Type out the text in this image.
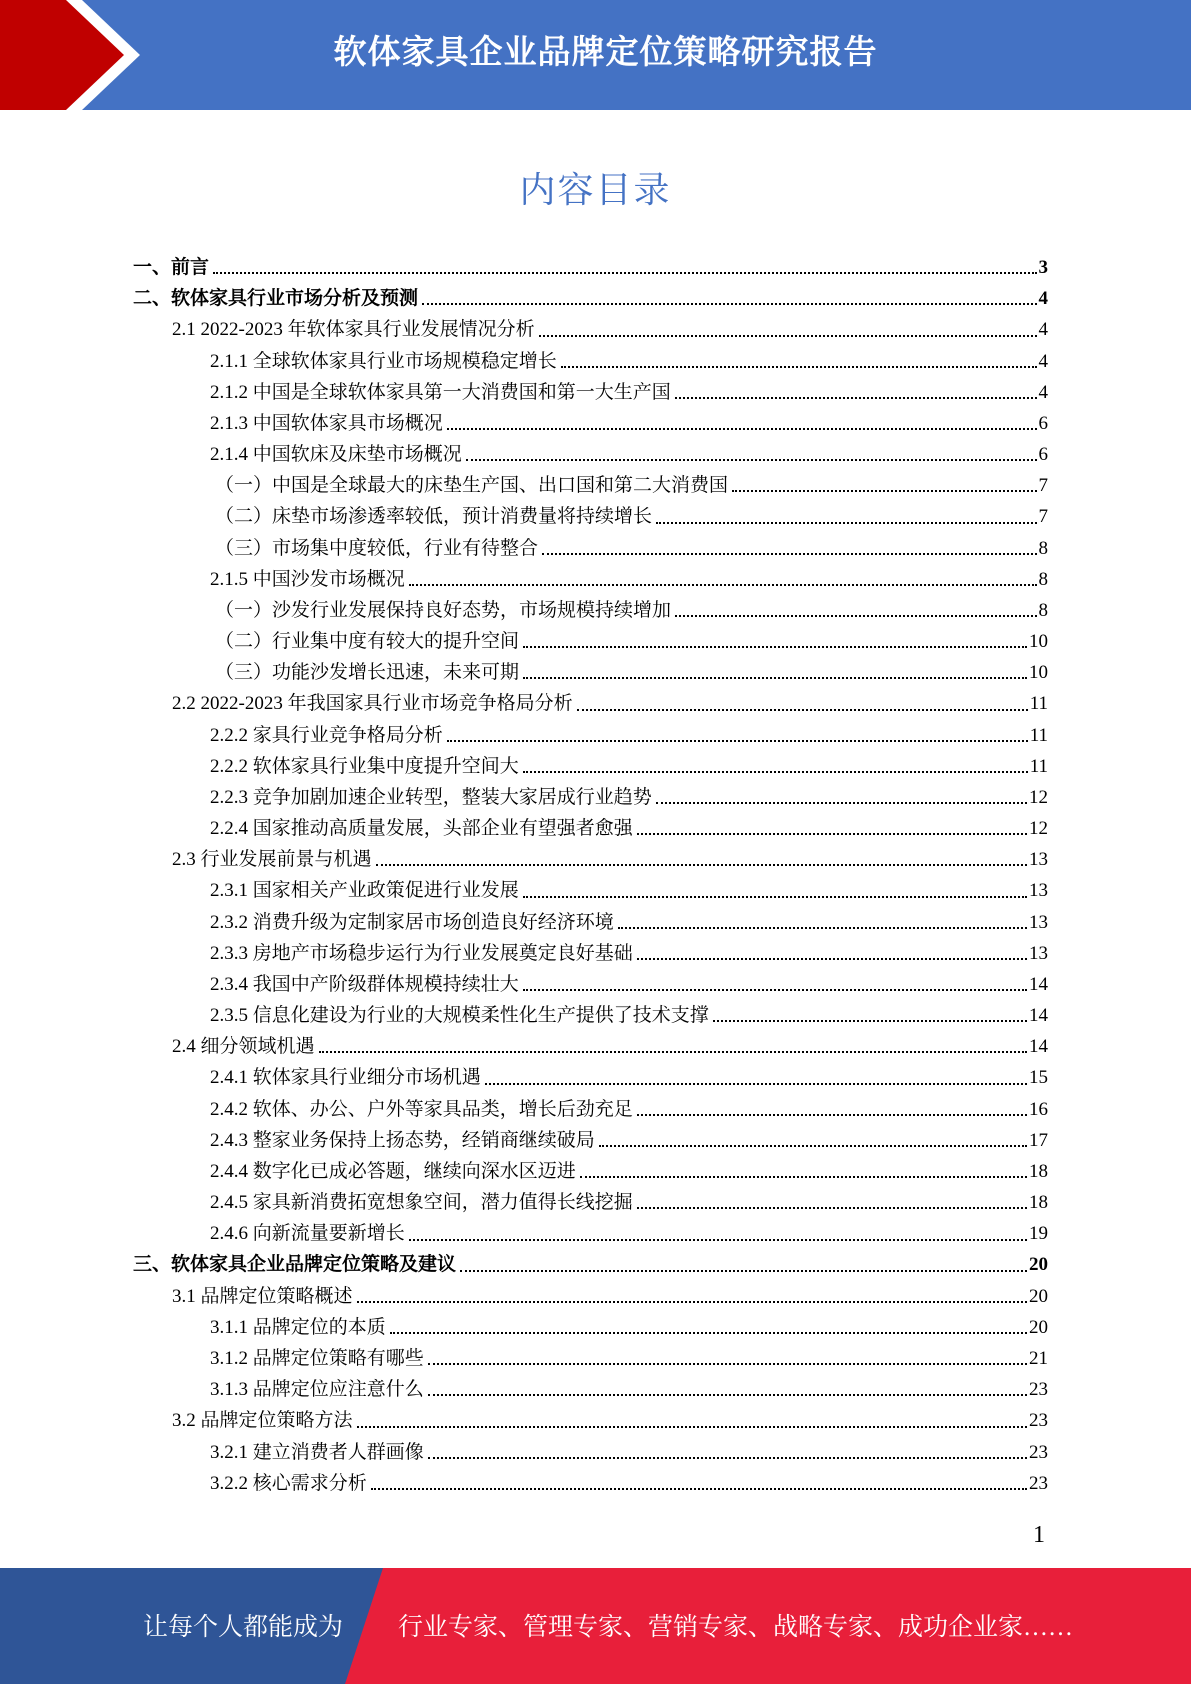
软体家具企业品牌定位策略研究报告
内容目录
一、前言	3
二、软体家具行业市场分析及预测	4
2.1 2022-2023 年软体家具行业发展情况分析	4
2.1.1 全球软体家具行业市场规模稳定增长	4
2.1.2 中国是全球软体家具第一大消费国和第一大生产国	4
2.1.3 中国软体家具市场概况	6
2.1.4 中国软床及床垫市场概况	6
（一）中国是全球最大的床垫生产国、出口国和第二大消费国	7
（二）床垫市场渗透率较低，预计消费量将持续增长	7
（三）市场集中度较低，行业有待整合	8
2.1.5 中国沙发市场概况	8
（一）沙发行业发展保持良好态势，市场规模持续增加	8
（二）行业集中度有较大的提升空间	10
（三）功能沙发增长迅速，未来可期	10
2.2 2022-2023 年我国家具行业市场竞争格局分析	11
2.2.2 家具行业竞争格局分析	11
2.2.2 软体家具行业集中度提升空间大	11
2.2.3 竞争加剧加速企业转型，整装大家居成行业趋势	12
2.2.4 国家推动高质量发展，头部企业有望强者愈强	12
2.3 行业发展前景与机遇	13
2.3.1 国家相关产业政策促进行业发展	13
2.3.2 消费升级为定制家居市场创造良好经济环境	13
2.3.3 房地产市场稳步运行为行业发展奠定良好基础	13
2.3.4 我国中产阶级群体规模持续壮大	14
2.3.5 信息化建设为行业的大规模柔性化生产提供了技术支撑	14
2.4 细分领域机遇	14
2.4.1 软体家具行业细分市场机遇	15
2.4.2 软体、办公、户外等家具品类，增长后劲充足	16
2.4.3 整家业务保持上扬态势，经销商继续破局	17
2.4.4 数字化已成必答题，继续向深水区迈进	18
2.4.5 家具新消费拓宽想象空间，潜力值得长线挖掘	18
2.4.6 向新流量要新增长	19
三、软体家具企业品牌定位策略及建议	20
3.1 品牌定位策略概述	20
3.1.1 品牌定位的本质	20
3.1.2 品牌定位策略有哪些	21
3.1.3 品牌定位应注意什么	23
3.2 品牌定位策略方法	23
3.2.1 建立消费者人群画像	23
3.2.2 核心需求分析	23
1
让每个人都能成为 行业专家、管理专家、营销专家、战略专家、成功企业家……
